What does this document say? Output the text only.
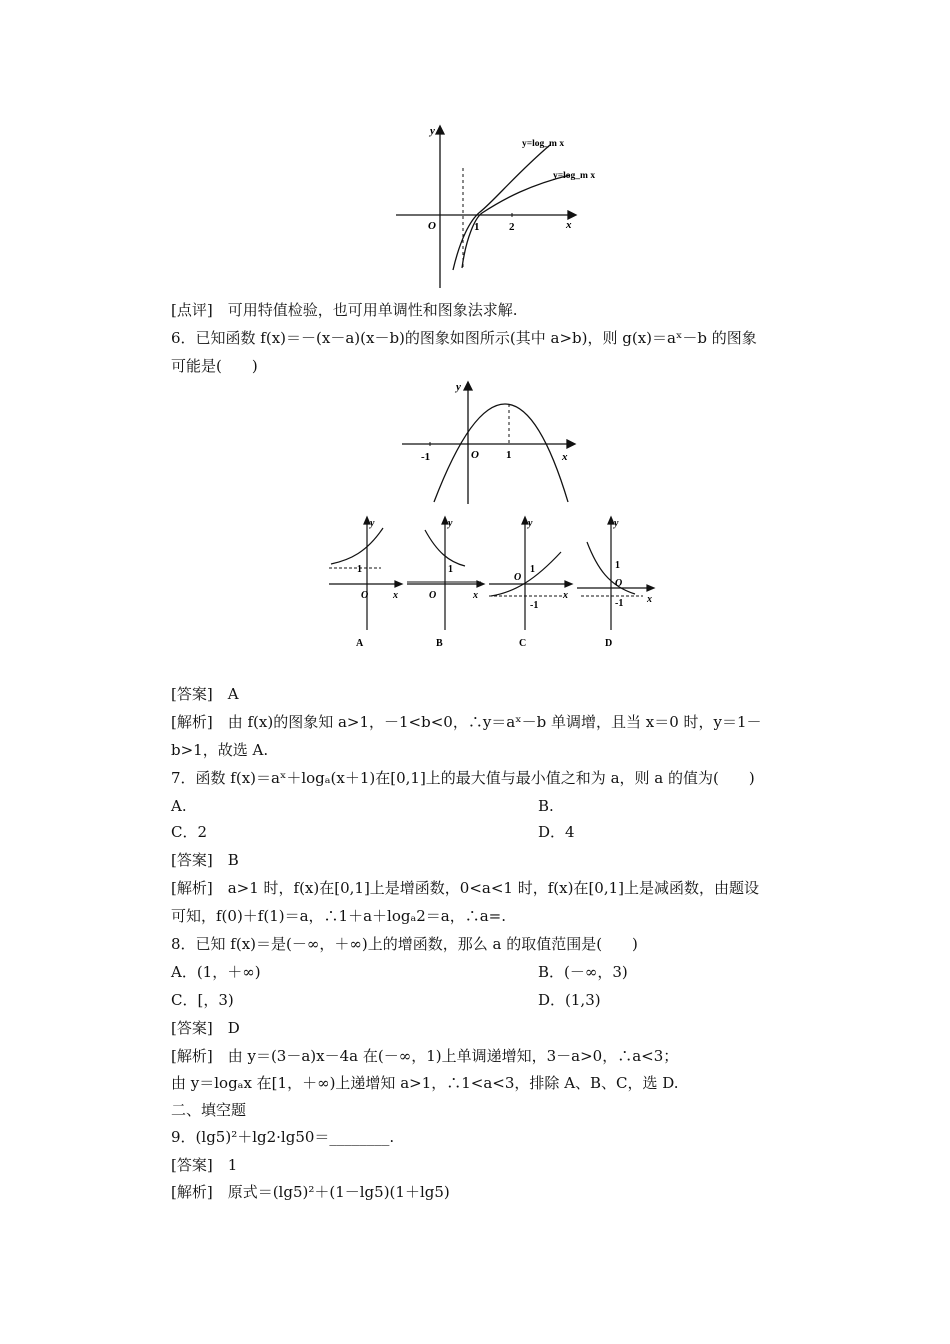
y
x
O	1	2
y=log_m x
y=log_m x
[点评]　可用特值检验，也可用单调性和图象法求解.
6．已知函数 f(x)＝－(x－a)(x－b)的图象如图所示(其中 a>b)，则 g(x)＝aˣ－b 的图象
可能是(　　)
y
x
O
-1	1
y
1
O x
A
y
1
O	x
B
y
1
O
-1
x
C
y
1
O
-1 x
D
[答案]　A
[解析]　由 f(x)的图象知 a>1，－1<b<0，∴y＝aˣ－b 单调增，且当 x＝0 时，y＝1－
b>1，故选 A.
7．函数 f(x)＝aˣ＋logₐ(x＋1)在[0,1]上的最大值与最小值之和为 a，则 a 的值为(　　)
A.	B.
C．2	D．4
[答案]　B
[解析]　a>1 时，f(x)在[0,1]上是增函数，0<a<1 时，f(x)在[0,1]上是减函数，由题设
可知，f(0)＋f(1)＝a，∴1＋a＋logₐ2＝a，∴a=.
8．已知 f(x)＝是(－∞，＋∞)上的增函数，那么 a 的取值范围是(　　)
A．(1，＋∞)	B．(－∞，3)
C．[，3)	D．(1,3)
[答案]　D
[解析]　由 y＝(3－a)x－4a 在(－∞，1)上单调递增知，3－a>0，∴a<3；
由 y＝logₐx 在[1，＋∞)上递增知 a>1，∴1<a<3，排除 A、B、C，选 D.
二、填空题
9．(lg5)²＋lg2·lg50＝________.
[答案]　1
[解析]　原式＝(lg5)²＋(1－lg5)(1＋lg5)
